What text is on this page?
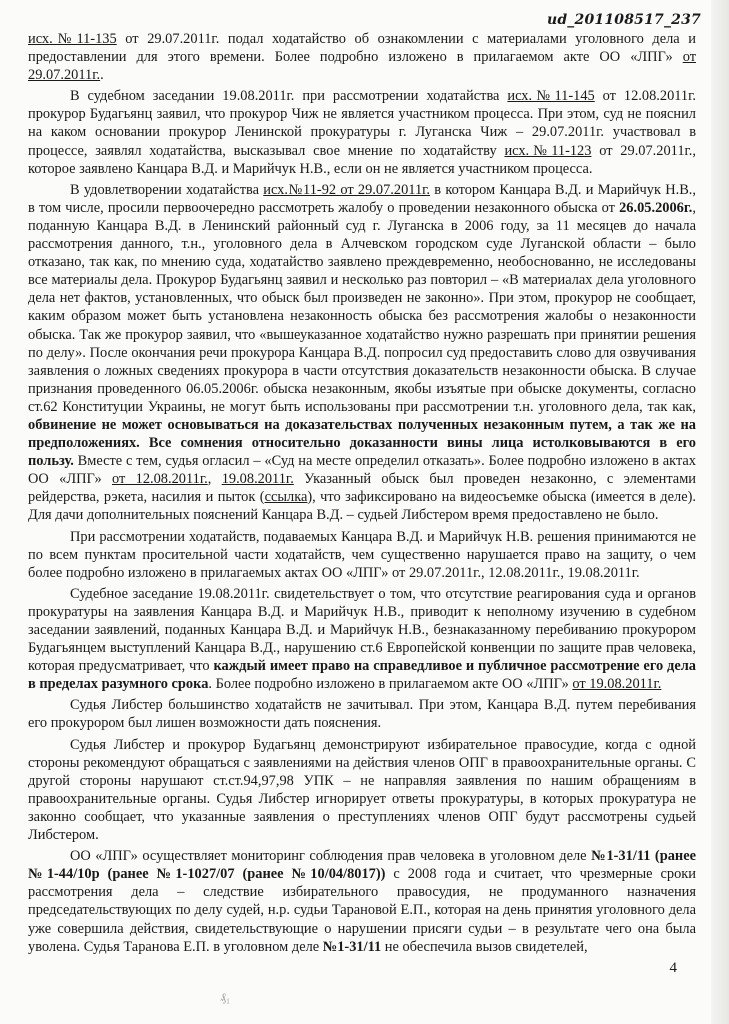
ud_201108517_237

исх.№11-135 от 29.07.2011г. подал ходатайство об ознакомлении с материалами уголовного дела и предоставлении для этого времени. Более подробно изложено в прилагаемом акте ОО «ЛПГ» от 29.07.2011г..

В судебном заседании 19.08.2011г. при рассмотрении ходатайства исх.№11-145 от 12.08.2011г. прокурор Будагьянц заявил, что прокурор Чиж не является участником процесса. При этом, суд не пояснил на каком основании прокурор Ленинской прокуратуры г. Луганска Чиж – 29.07.2011г. участвовал в процессе, заявлял ходатайства, высказывал свое мнение по ходатайству исх.№11-123 от 29.07.2011г., которое заявлено Канцара В.Д. и Марийчук Н.В., если он не является участником процесса.

В удовлетворении ходатайства исх.№11-92 от 29.07.2011г. в котором Канцара В.Д. и Марийчук Н.В., в том числе, просили первоочередно рассмотреть жалобу о проведении незаконного обыска от 26.05.2006г., поданную Канцара В.Д. в Ленинский районный суд г. Луганска в 2006 году, за 11 месяцев до начала рассмотрения данного, т.н., уголовного дела в Алчевском городском суде Луганской области – было отказано, так как, по мнению суда, ходатайство заявлено преждевременно, необоснованно, не исследованы все материалы дела. Прокурор Будагьянц заявил и несколько раз повторил – «В материалах дела уголовного дела нет фактов, установленных, что обыск был произведен не законно». При этом, прокурор не сообщает, каким образом может быть установлена незаконность обыска без рассмотрения жалобы о незаконности обыска. Так же прокурор заявил, что «вышеуказанное ходатайство нужно разрешать при принятии решения по делу». После окончания речи прокурора Канцара В.Д. попросил суд предоставить слово для озвучивания заявления о ложных сведениях прокурора в части отсутствия доказательств незаконности обыска. В случае признания проведенного 06.05.2006г. обыска незаконным, якобы изъятые при обыске документы, согласно ст.62 Конституции Украины, не могут быть использованы при рассмотрении т.н. уголовного дела, так как, обвинение не может основываться на доказательствах полученных незаконным путем, а так же на предположениях. Все сомнения относительно доказанности вины лица истолковываются в его пользу. Вместе с тем, судья огласил – «Суд на месте определил отказать». Более подробно изложено в актах ОО «ЛПГ» от 12.08.2011г., 19.08.2011г. Указанный обыск был проведен незаконно, с элементами рейдерства, рэкета, насилия и пыток (ссылка), что зафиксировано на видеосъемке обыска (имеется в деле). Для дачи дополнительных пояснений Канцара В.Д. – судьей Либстером время предоставлено не было.

При рассмотрении ходатайств, подаваемых Канцара В.Д. и Марийчук Н.В. решения принимаются не по всем пунктам просительной части ходатайств, чем существенно нарушается право на защиту, о чем более подробно изложено в прилагаемых актах ОО «ЛПГ» от 29.07.2011г., 12.08.2011г., 19.08.2011г.

Судебное заседание 19.08.2011г. свидетельствует о том, что отсутствие реагирования суда и органов прокуратуры на заявления Канцара В.Д. и Марийчук Н.В., приводит к неполному изучению в судебном заседании заявлений, поданных Канцара В.Д. и Марийчук Н.В., безнаказанному перебиванию прокурором Будагьянцем выступлений Канцара В.Д., нарушению ст.6 Европейской конвенции по защите прав человека, которая предусматривает, что каждый имеет право на справедливое и публичное рассмотрение его дела в пределах разумного срока. Более подробно изложено в прилагаемом акте ОО «ЛПГ» от 19.08.2011г.

Судья Либстер большинство ходатайств не зачитывал. При этом, Канцара В.Д. путем перебивания его прокурором был лишен возможности дать пояснения.

Судья Либстер и прокурор Будагьянц демонстрируют избирательное правосудие, когда с одной стороны рекомендуют обращаться с заявлениями на действия членов ОПГ в правоохранительные органы. С другой стороны нарушают ст.ст.94,97,98 УПК – не направляя заявления по нашим обращениям в правоохранительные органы. Судья Либстер игнорирует ответы прокуратуры, в которых прокуратура не законно сообщает, что указанные заявления о преступлениях членов ОПГ будут рассмотрены судьей Либстером.

ОО «ЛПГ» осуществляет мониторинг соблюдения прав человека в уголовном деле №1-31/11 (ранее №1-44/10р (ранее №1-1027/07 (ранее №10/04/8017)) с 2008 года и считает, что чрезмерные сроки рассмотрения дела – следствие избирательного правосудия, не продуманного назначения председательствующих по делу судей, н.р. судьи Тарановой Е.П., которая на день принятия уголовного дела уже совершила действия, свидетельствующие о нарушении присяги судьи – в результате чего она была уволена. Судья Таранова Е.П. в уголовном деле №1-31/11 не обеспечила вызов свидетелей,

4
₰₁
